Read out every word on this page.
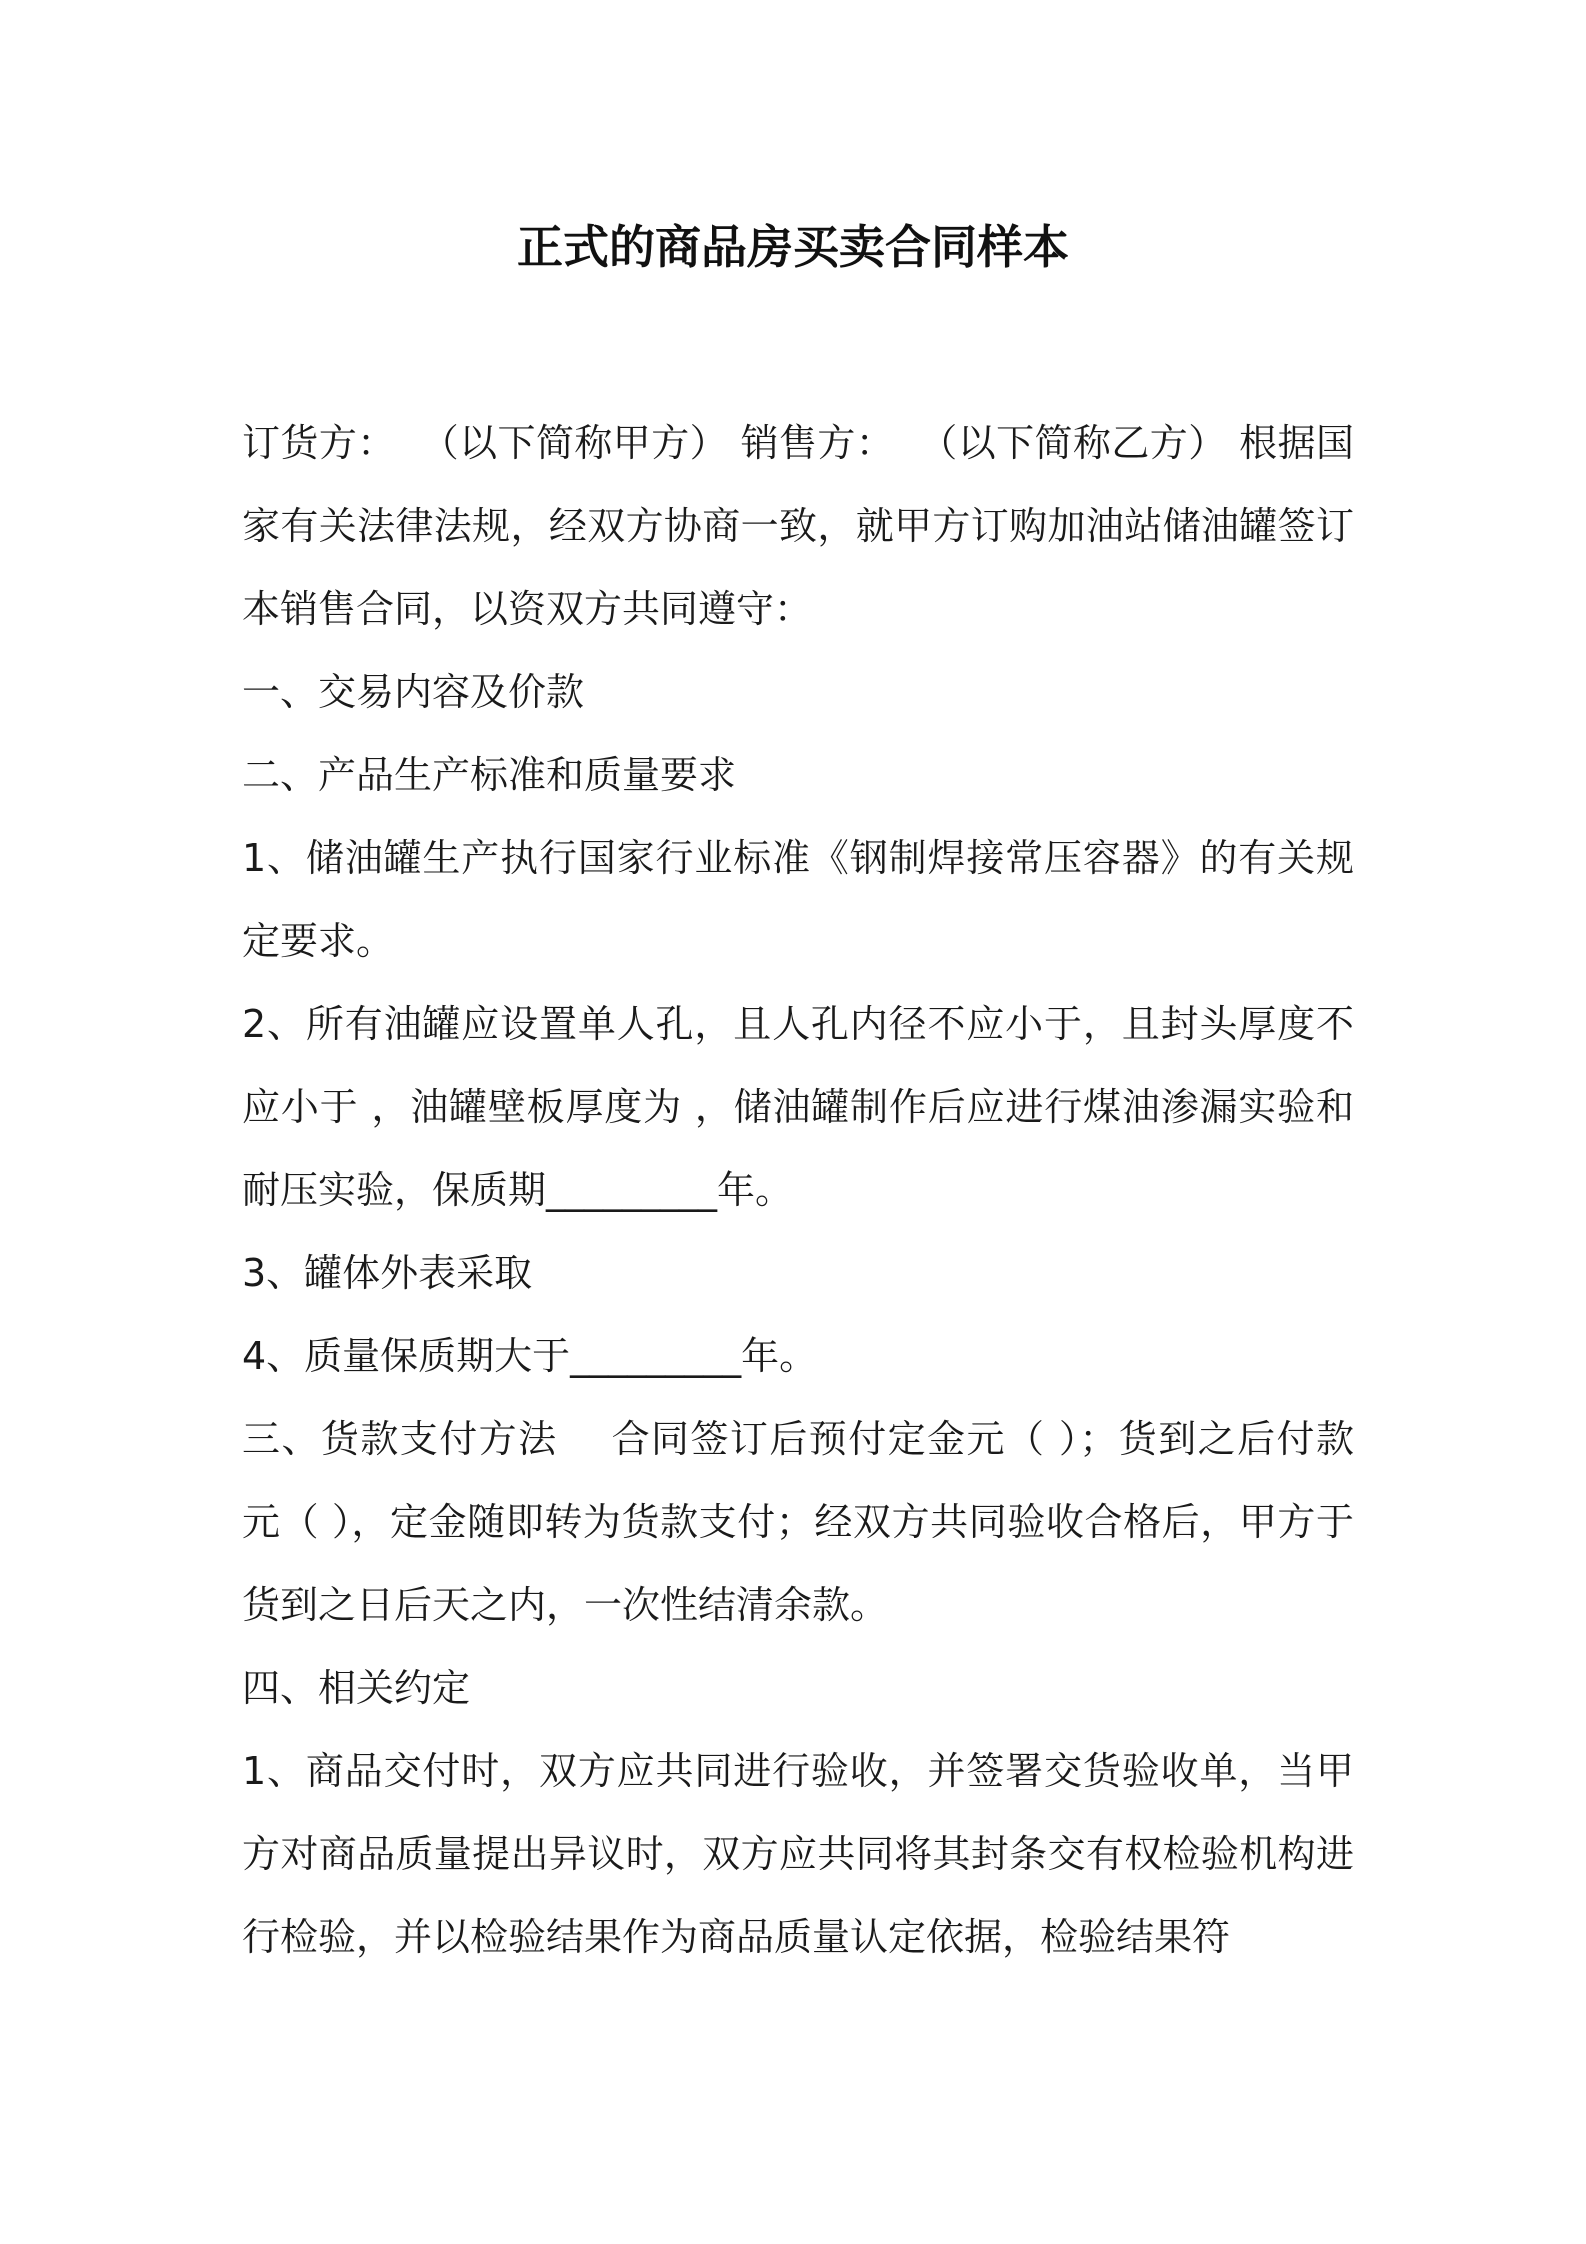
正式的商品房买卖合同样本

订货方：  （以下简称甲方） 销售方：  （以下简称乙方） 根据国家有关法律法规，经双方协商一致，就甲方订购加油站储油罐签订本销售合同，以资双方共同遵守：

一、交易内容及价款

二、产品生产标准和质量要求

1、储油罐生产执行国家行业标准《钢制焊接常压容器》的有关规定要求。

2、所有油罐应设置单人孔，且人孔内径不应小于，且封头厚度不应小于 ，油罐壁板厚度为 ，储油罐制作后应进行煤油渗漏实验和耐压实验，保质期_________年。

3、罐体外表采取

4、质量保质期大于_________年。

三、货款支付方法    合同签订后预付定金元（ ）；货到之后付款  元（ ），定金随即转为货款支付；经双方共同验收合格后，甲方于货到之日后天之内，一次性结清余款。

四、相关约定

1、商品交付时，双方应共同进行验收，并签署交货验收单，当甲方对商品质量提出异议时，双方应共同将其封条交有权检验机构进行检验，并以检验结果作为商品质量认定依据，检验结果符
